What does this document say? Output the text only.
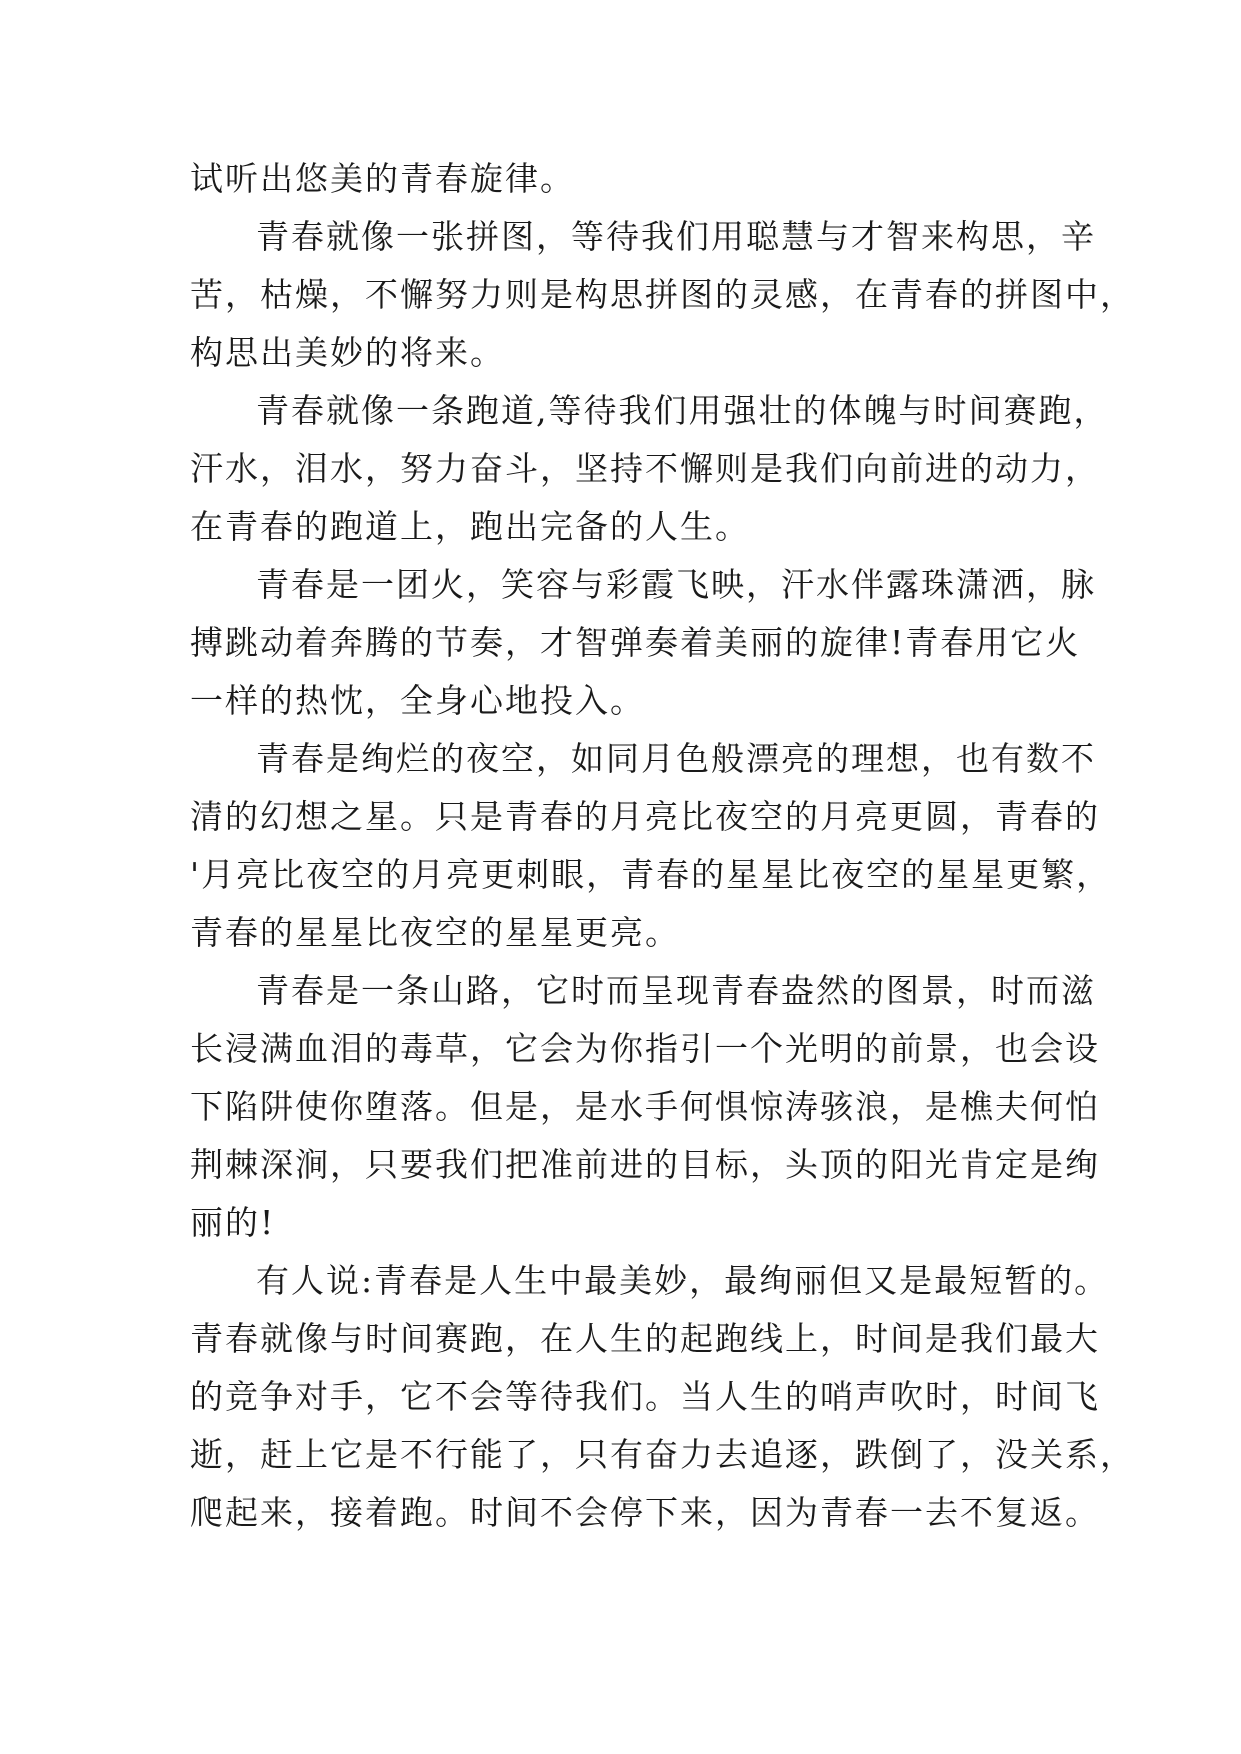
试听出悠美的青春旋律。
青春就像一张拼图，等待我们用聪慧与才智来构思，辛
苦，枯燥，不懈努力则是构思拼图的灵感，在青春的拼图中，
构思出美妙的将来。
青春就像一条跑道,等待我们用强壮的体魄与时间赛跑，
汗水，泪水，努力奋斗，坚持不懈则是我们向前进的动力，
在青春的跑道上，跑出完备的人生。
青春是一团火，笑容与彩霞飞映，汗水伴露珠潇洒，脉
搏跳动着奔腾的节奏，才智弹奏着美丽的旋律!青春用它火
一样的热忱，全身心地投入。
青春是绚烂的夜空，如同月色般漂亮的理想，也有数不
清的幻想之星。只是青春的月亮比夜空的月亮更圆，青春的
'月亮比夜空的月亮更刺眼，青春的星星比夜空的星星更繁，
青春的星星比夜空的星星更亮。
青春是一条山路，它时而呈现青春盎然的图景，时而滋
长浸满血泪的毒草，它会为你指引一个光明的前景，也会设
下陷阱使你堕落。但是，是水手何惧惊涛骇浪，是樵夫何怕
荆棘深涧，只要我们把准前进的目标，头顶的阳光肯定是绚
丽的!
有人说:青春是人生中最美妙，最绚丽但又是最短暂的。
青春就像与时间赛跑，在人生的起跑线上，时间是我们最大
的竞争对手，它不会等待我们。当人生的哨声吹时，时间飞
逝，赶上它是不行能了，只有奋力去追逐，跌倒了，没关系，
爬起来，接着跑。时间不会停下来，因为青春一去不复返。
